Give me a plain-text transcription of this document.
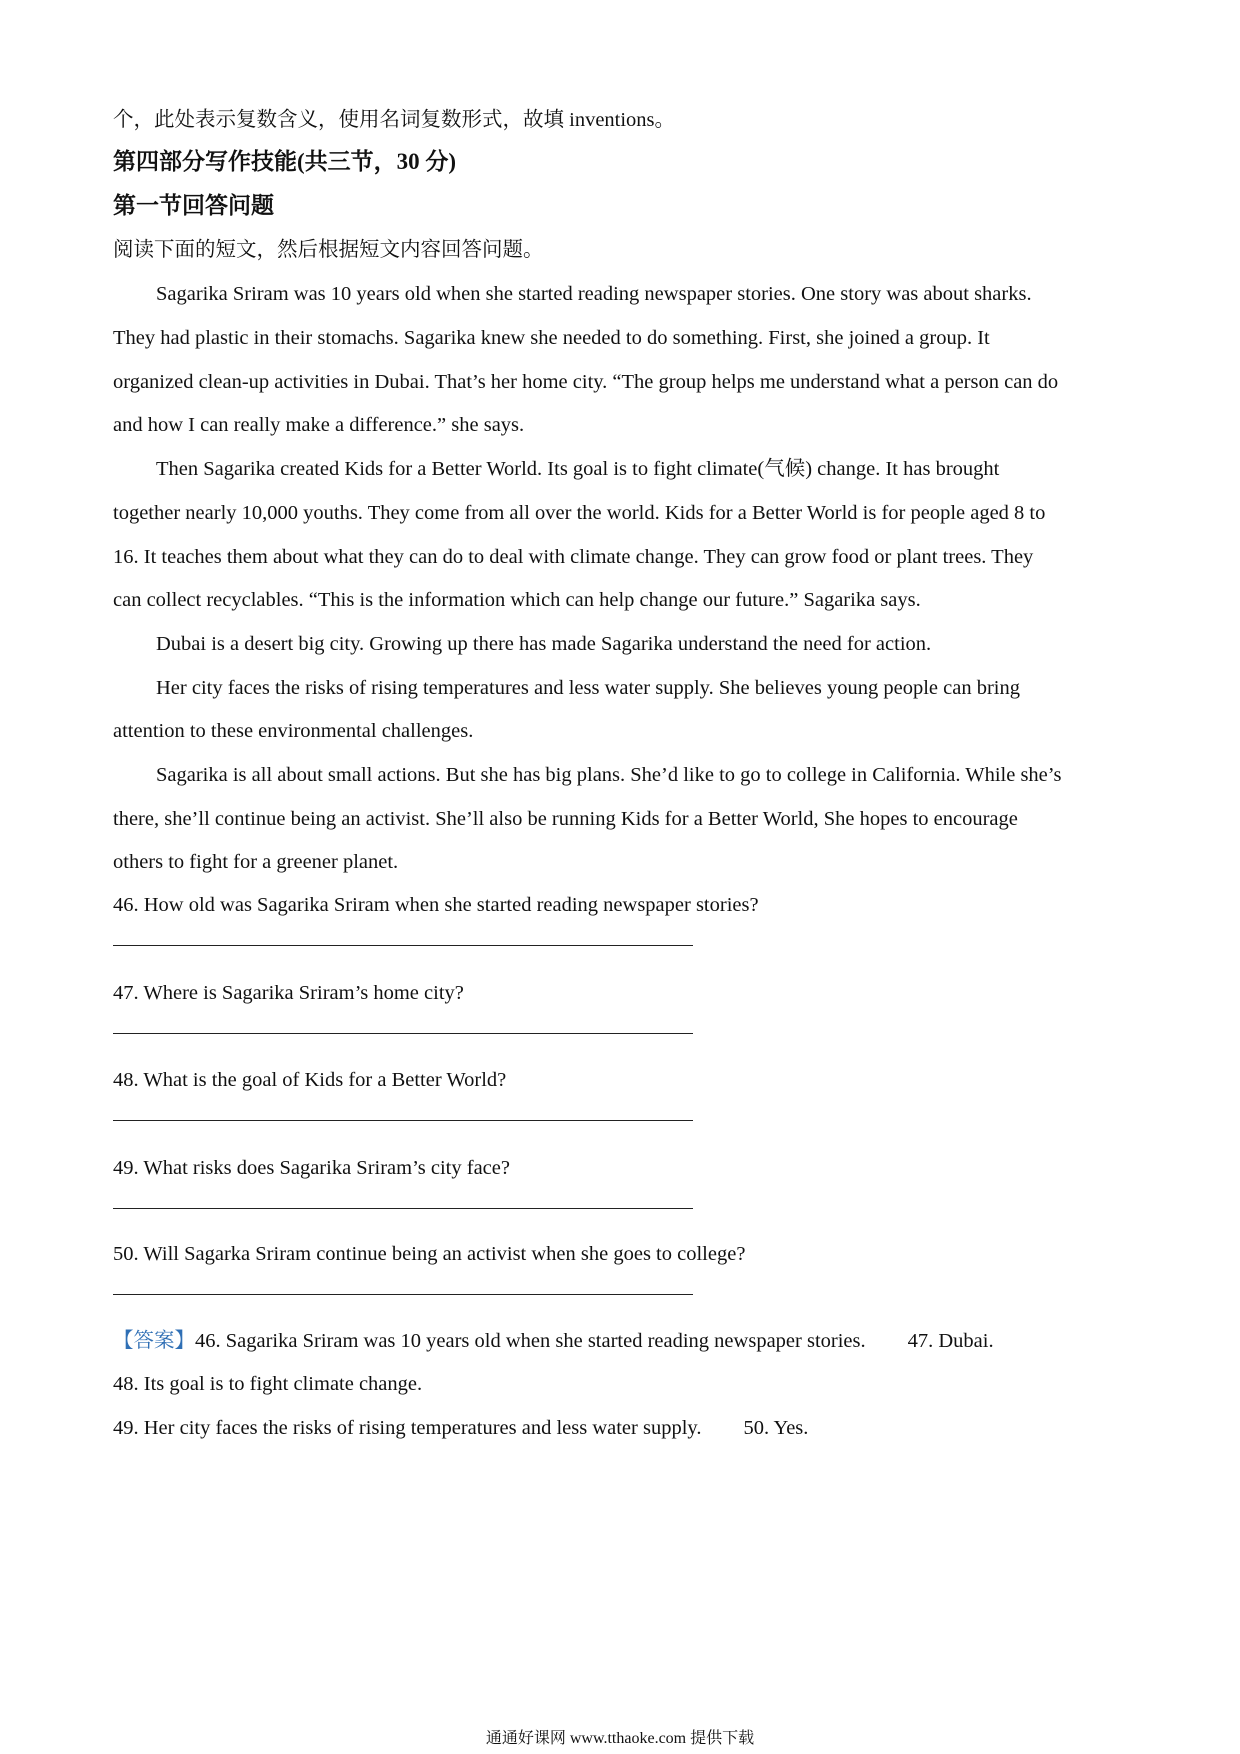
个，此处表示复数含义，使用名词复数形式，故填 inventions。
第四部分写作技能(共三节，30 分)
第一节回答问题
阅读下面的短文，然后根据短文内容回答问题。
Sagarika Sriram was 10 years old when she started reading newspaper stories. One story was about sharks.
They had plastic in their stomachs. Sagarika knew she needed to do something. First, she joined a group. It
organized clean-up activities in Dubai. That’s her home city. “The group helps me understand what a person can do
and how I can really make a difference.” she says.
Then Sagarika created Kids for a Better World. Its goal is to fight climate(气候) change. It has brought
together nearly 10,000 youths. They come from all over the world. Kids for a Better World is for people aged 8 to
16. It teaches them about what they can do to deal with climate change. They can grow food or plant trees. They
can collect recyclables. “This is the information which can help change our future.” Sagarika says.
Dubai is a desert big city. Growing up there has made Sagarika understand the need for action.
Her city faces the risks of rising temperatures and less water supply. She believes young people can bring
attention to these environmental challenges.
Sagarika is all about small actions. But she has big plans. She’d like to go to college in California. While she’s
there, she’ll continue being an activist. She’ll also be running Kids for a Better World, She hopes to encourage
others to fight for a greener planet.
46. How old was Sagarika Sriram when she started reading newspaper stories?
47. Where is Sagarika Sriram’s home city?
48. What is the goal of Kids for a Better World?
49. What risks does Sagarika Sriram’s city face?
50. Will Sagarka Sriram continue being an activist when she goes to college?
【答案】46. Sagarika Sriram was 10 years old when she started reading newspaper stories. 47. Dubai.
48. Its goal is to fight climate change.
49. Her city faces the risks of rising temperatures and less water supply. 50. Yes.
通通好课网 www.tthaoke.com 提供下载
